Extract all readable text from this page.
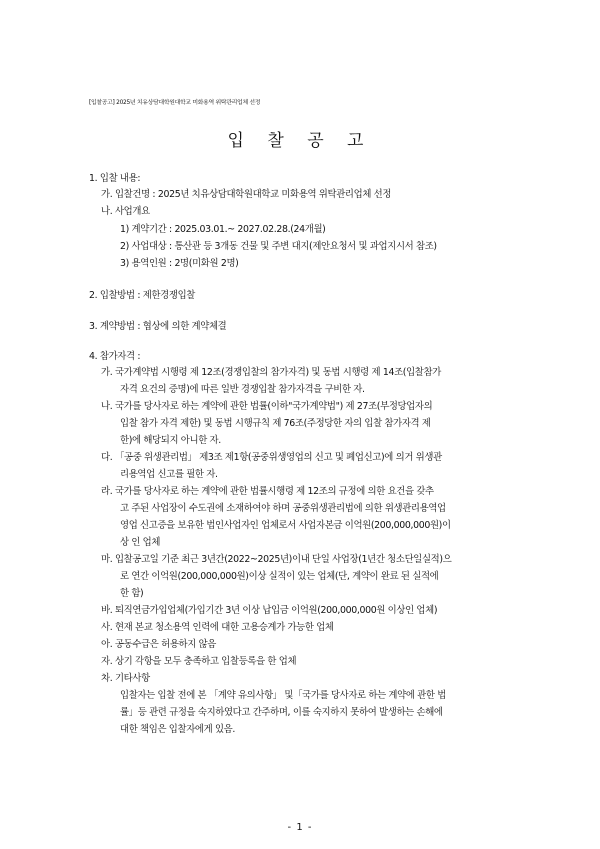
[입찰공고] 2025년 치유상담대학원대학교 미화용역 위탁관리업체 선정
입 찰 공 고
1. 입찰 내용:
가. 입찰건명 : 2025년 치유상담대학원대학교 미화용역 위탁관리업체 선정
나. 사업개요
1) 계약기간 : 2025.03.01.~ 2027.02.28.(24개월)
2) 사업대상 : 통산관 등 3개동 건물 및 주변 대지(제안요청서 및 과업지시서 참조)
3) 용역인원 : 2명(미화원 2명)
2. 입찰방법 : 제한경쟁입찰
3. 계약방법 : 협상에 의한 계약체결
4. 참가자격 :
가. 국가계약법 시행령 제 12조(경쟁입찰의 참가자격) 및 동법 시행령 제 14조(입찰참가
자격 요건의 증명)에 따른 일반 경쟁입찰 참가자격을 구비한 자.
나. 국가를 당사자로 하는 계약에 관한 법률(이하"국가계약법") 제 27조(부정당업자의
입찰 참가 자격 제한) 및 동법 시행규칙 제 76조(주정당한 자의 입찰 참가자격 제
한)에 해당되지 아니한 자.
다. 「공중 위생관리법」 제3조 제1항(공중위생영업의 신고 및 폐업신고)에 의거 위생관
리용역업 신고를 필한 자.
라. 국가를 당사자로 하는 계약에 관한 법률시행령 제 12조의 규정에 의한 요건을 갖추
고 주된 사업장이 수도권에 소재하여야 하며 공중위생관리법에 의한 위생관리용역업
영업 신고증을 보유한 법인사업자인 업체로서 사업자본금 이억원(200,000,000원)이
상 인 업체
마. 입찰공고일 기준 최근 3년간(2022~2025년)이내 단일 사업장(1년간 청소단일실적)으
로 연간 이억원(200,000,000원)이상 실적이 있는 업체(단, 계약이 완료 된 실적에
한 함)
바. 퇴직연금가입업체(가입기간 3년 이상 납입금 이억원(200,000,000원 이상인 업체)
사. 현재 본교 청소용역 인력에 대한 고용승계가 가능한 업체
아. 공동수급은 허용하지 않음
자. 상기 각항을 모두 충족하고 입찰등록을 한 업체
차. 기타사항
입찰자는 입찰 전에 본 「계약 유의사항」 및「국가를 당사자로 하는 계약에 관한 법
률」등 관련 규정을 숙지하였다고 간주하며, 이를 숙지하지 못하여 발생하는 손해에
대한 책임은 입찰자에게 있음.
- 1 -
